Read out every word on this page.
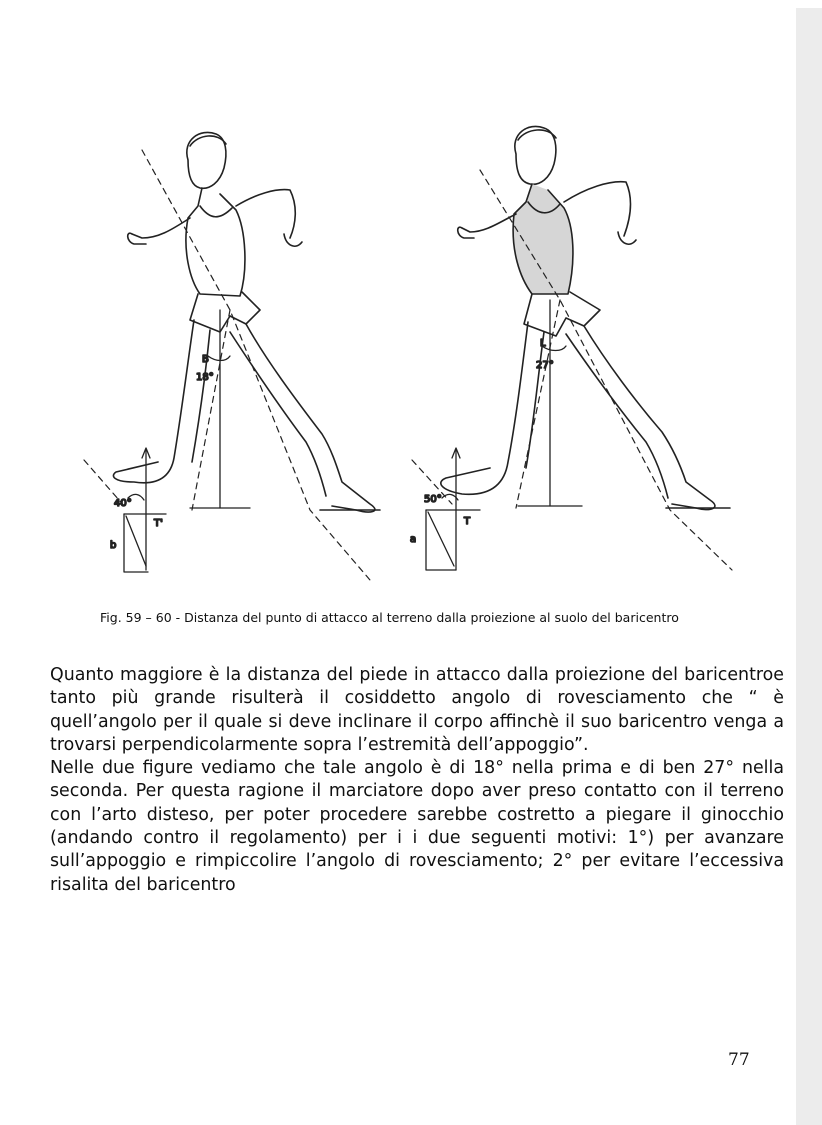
B
18°
40°
T'
b
L
27°
50°
T
a
Fig. 59 – 60 - Distanza del punto di attacco al terreno dalla proiezione al suolo del baricentro

Quanto maggiore è la distanza del piede in attacco dalla proiezione del baricentroe tanto più grande risulterà il cosiddetto angolo di rovesciamento che “ è quell’angolo per il quale si deve inclinare il corpo affinchè il suo baricentro venga a trovarsi perpendicolarmente sopra l’estremità dell’appoggio”.

Nelle due figure vediamo che tale angolo è di 18° nella prima e di ben 27° nella seconda. Per questa ragione il marciatore dopo aver preso contatto con il terreno con l’arto disteso, per poter procedere sarebbe costretto a piegare il ginocchio (andando contro il regolamento) per i i due seguenti motivi: 1°) per avanzare sull’appoggio e rimpiccolire l’angolo di rovesciamento; 2° per evitare l’eccessiva risalita del baricentro

77
